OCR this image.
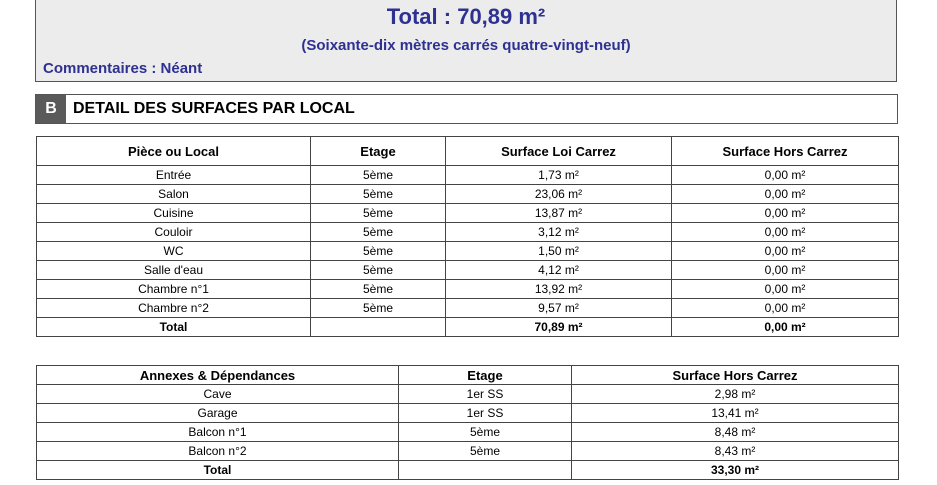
Total : 70,89 m²
(Soixante-dix mètres carrés quatre-vingt-neuf)
Commentaires : Néant
B	DETAIL DES SURFACES PAR LOCAL
Pièce ou Local	Etage	Surface Loi Carrez	Surface Hors Carrez
Entrée	5ème	1,73 m²	0,00 m²
Salon	5ème	23,06 m²	0,00 m²
Cuisine	5ème	13,87 m²	0,00 m²
Couloir	5ème	3,12 m²	0,00 m²
WC	5ème	1,50 m²	0,00 m²
Salle d'eau	5ème	4,12 m²	0,00 m²
Chambre n°1	5ème	13,92 m²	0,00 m²
Chambre n°2	5ème	9,57 m²	0,00 m²
Total		70,89 m²	0,00 m²
Annexes & Dépendances	Etage	Surface Hors Carrez
Cave	1er SS	2,98 m²
Garage	1er SS	13,41 m²
Balcon n°1	5ème	8,48 m²
Balcon n°2	5ème	8,43 m²
Total		33,30 m²
